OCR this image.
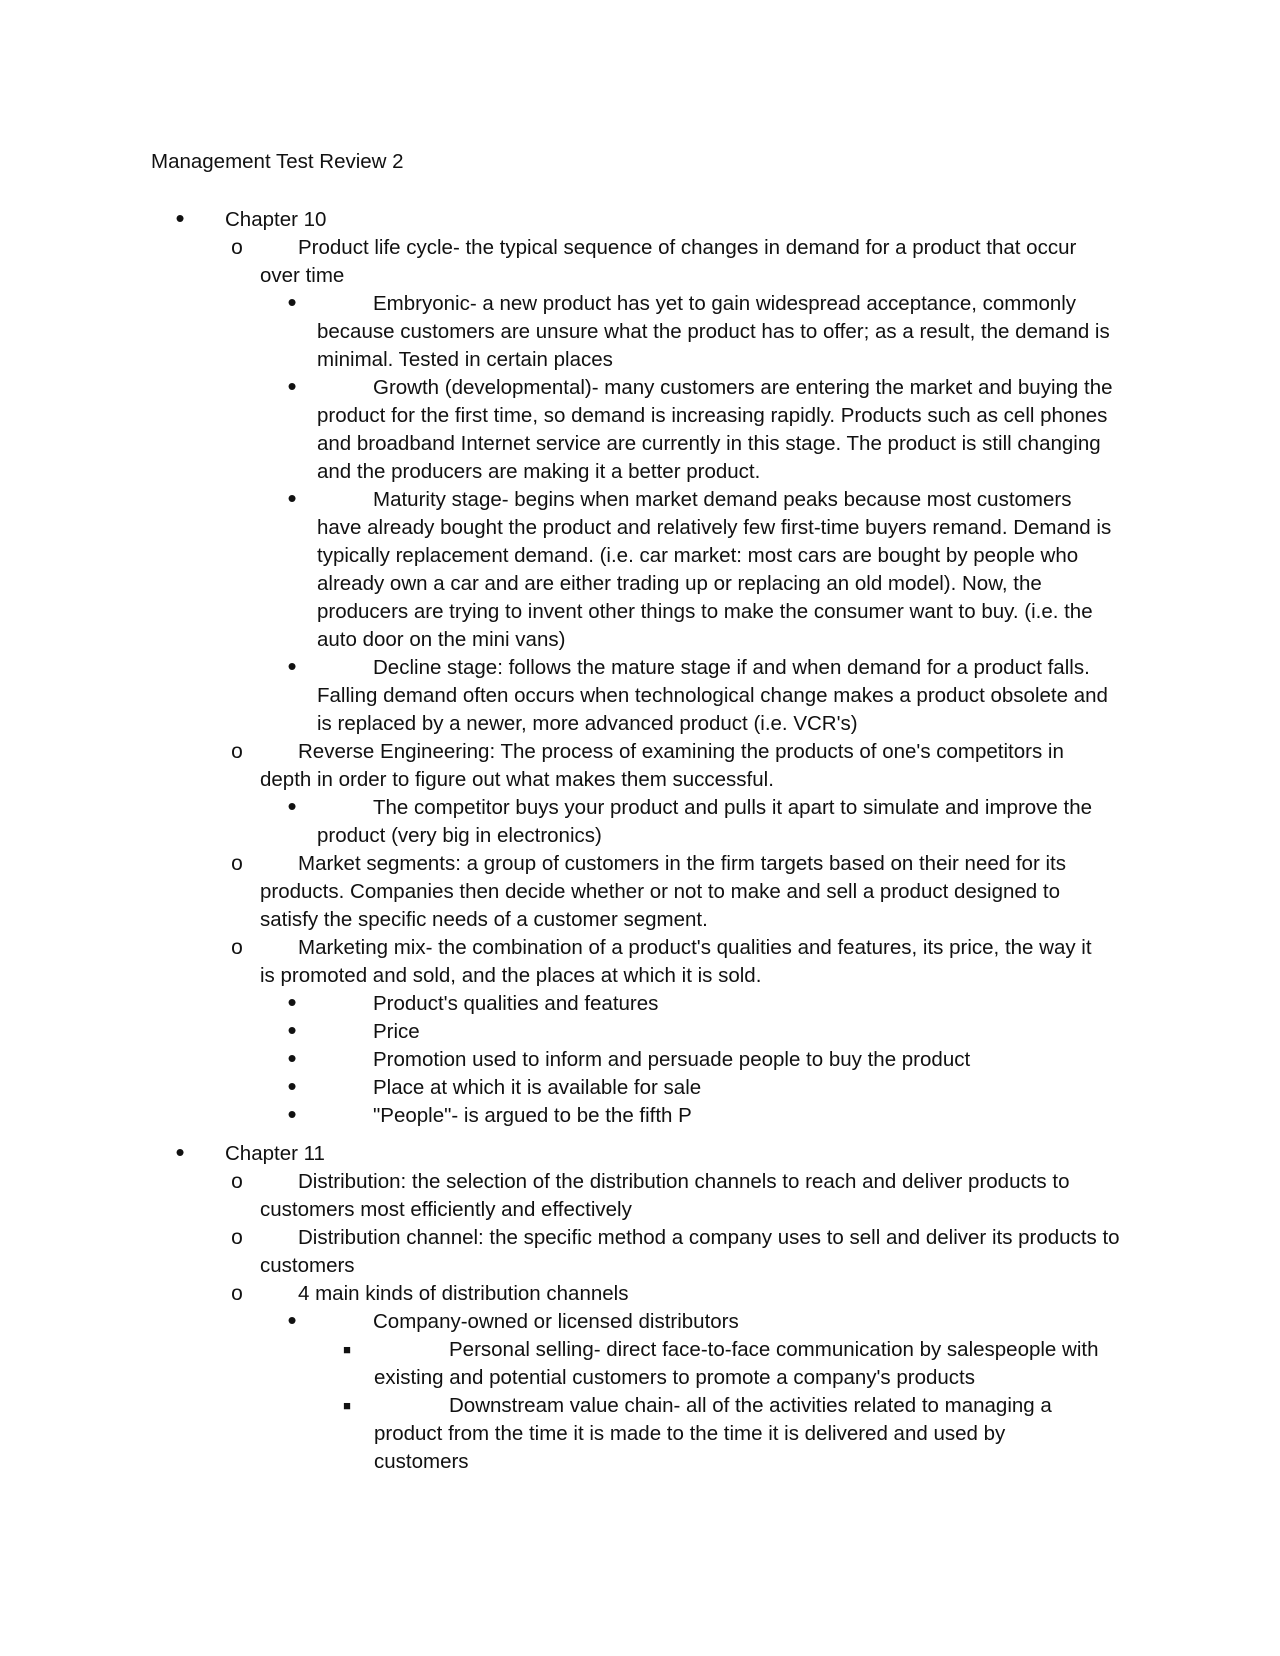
Management Test Review 2
•	Chapter 10
o	Product life cycle- the typical sequence of changes in demand for a product that occur over time
•	Embryonic- a new product has yet to gain widespread acceptance, commonly because customers are unsure what the product has to offer; as a result, the demand is minimal. Tested in certain places
•	Growth (developmental)- many customers are entering the market and buying the product for the first time, so demand is increasing rapidly. Products such as cell phones and broadband Internet service are currently in this stage. The product is still changing and the producers are making it a better product.
•	Maturity stage- begins when market demand peaks because most customers have already bought the product and relatively few first-time buyers remand. Demand is typically replacement demand. (i.e. car market: most cars are bought by people who already own a car and are either trading up or replacing an old model). Now, the producers are trying to invent other things to make the consumer want to buy. (i.e. the auto door on the mini vans)
•	Decline stage: follows the mature stage if and when demand for a product falls. Falling demand often occurs when technological change makes a product obsolete and is replaced by a newer, more advanced product (i.e. VCR's)
o	Reverse Engineering: The process of examining the products of one's competitors in depth in order to figure out what makes them successful.
•	The competitor buys your product and pulls it apart to simulate and improve the product (very big in electronics)
o	Market segments: a group of customers in the firm targets based on their need for its products. Companies then decide whether or not to make and sell a product designed to satisfy the specific needs of a customer segment.
o	Marketing mix- the combination of a product's qualities and features, its price, the way it is promoted and sold, and the places at which it is sold.
•	Product's qualities and features
•	Price
•	Promotion used to inform and persuade people to buy the product
•	Place at which it is available for sale
•	"People"- is argued to be the fifth P
•	Chapter 11
o	Distribution: the selection of the distribution channels to reach and deliver products to customers most efficiently and effectively
o	Distribution channel: the specific method a company uses to sell and deliver its products to customers
o	4 main kinds of distribution channels
•	Company-owned or licensed distributors
■	Personal selling- direct face-to-face communication by salespeople with existing and potential customers to promote a company's products
■	Downstream value chain- all of the activities related to managing a product from the time it is made to the time it is delivered and used by customers
